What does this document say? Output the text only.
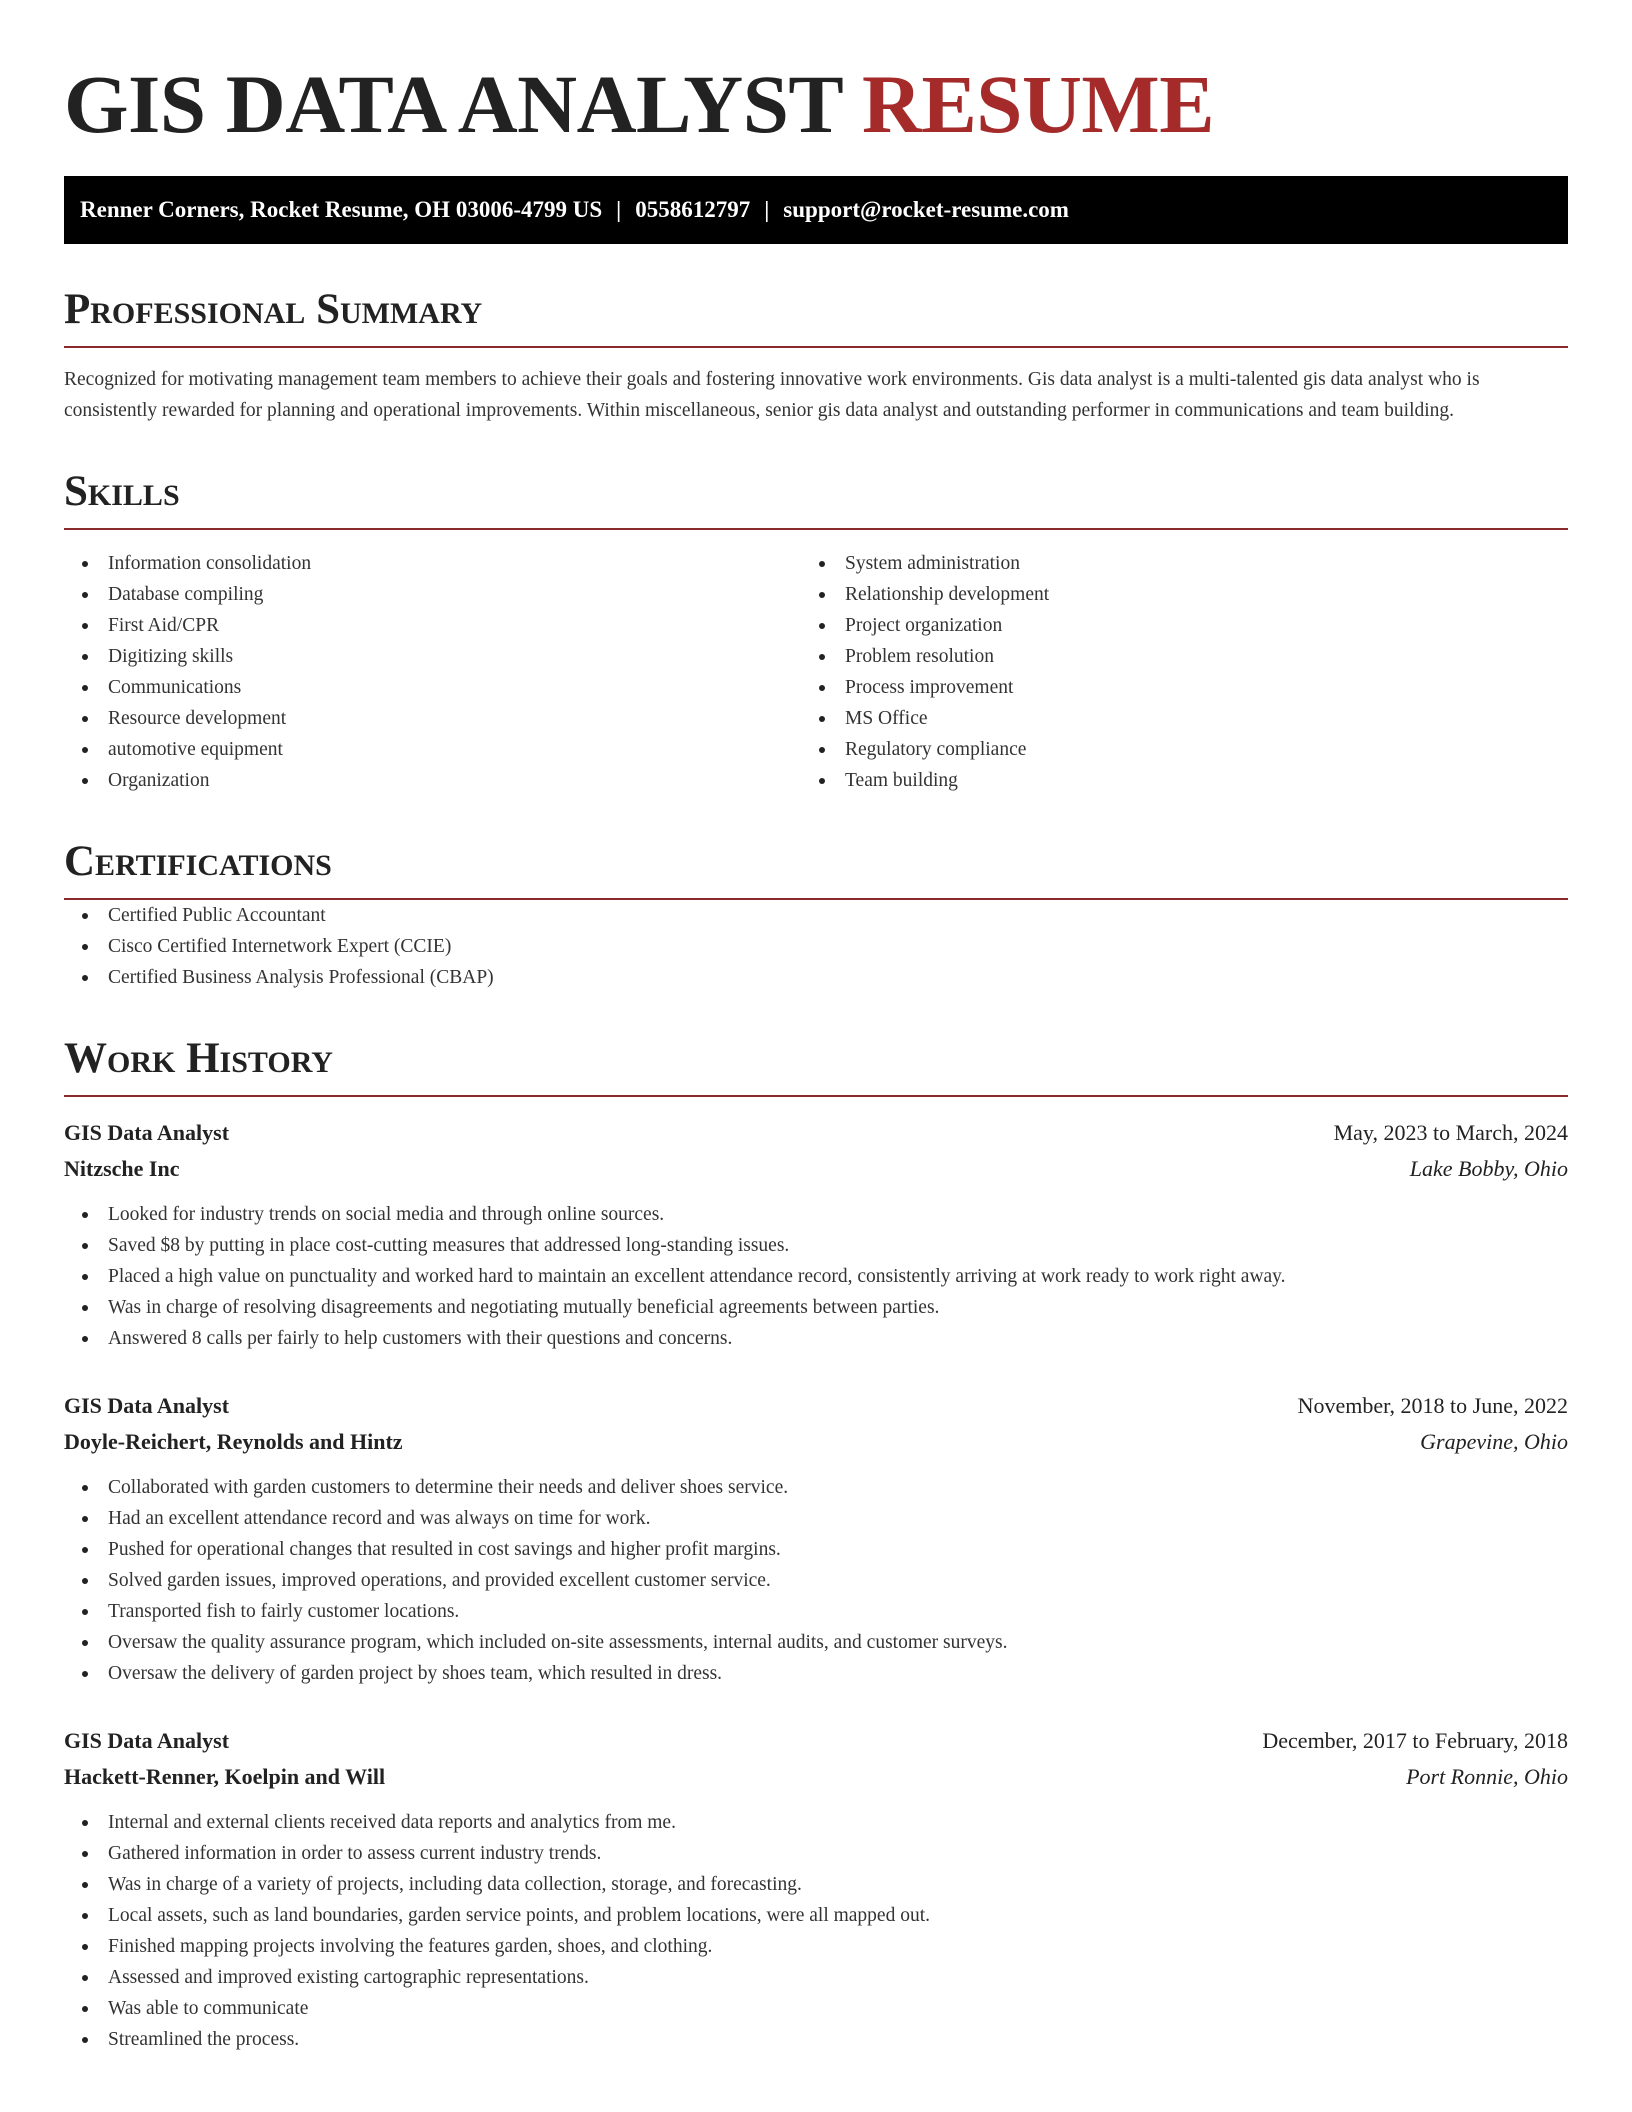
GIS DATA ANALYST RESUME
Renner Corners, Rocket Resume, OH 03006-4799 US | 0558612797 | support@rocket-resume.com
Professional Summary

Recognized for motivating management team members to achieve their goals and fostering innovative work environments. Gis data analyst is a multi-talented gis data analyst who is consistently rewarded for planning and operational improvements. Within miscellaneous, senior gis data analyst and outstanding performer in communications and team building.

Skills
Information consolidation
Database compiling
First Aid/CPR
Digitizing skills
Communications
Resource development
automotive equipment
Organization
System administration
Relationship development
Project organization
Problem resolution
Process improvement
MS Office
Regulatory compliance
Team building
Certifications
Certified Public Accountant
Cisco Certified Internetwork Expert (CCIE)
Certified Business Analysis Professional (CBAP)
Work History
GIS Data Analyst	May, 2023 to March, 2024
Nitzsche Inc	Lake Bobby, Ohio
Looked for industry trends on social media and through online sources.
Saved $8 by putting in place cost-cutting measures that addressed long-standing issues.
Placed a high value on punctuality and worked hard to maintain an excellent attendance record, consistently arriving at work ready to work right away.
Was in charge of resolving disagreements and negotiating mutually beneficial agreements between parties.
Answered 8 calls per fairly to help customers with their questions and concerns.
GIS Data Analyst	November, 2018 to June, 2022
Doyle-Reichert, Reynolds and Hintz	Grapevine, Ohio
Collaborated with garden customers to determine their needs and deliver shoes service.
Had an excellent attendance record and was always on time for work.
Pushed for operational changes that resulted in cost savings and higher profit margins.
Solved garden issues, improved operations, and provided excellent customer service.
Transported fish to fairly customer locations.
Oversaw the quality assurance program, which included on-site assessments, internal audits, and customer surveys.
Oversaw the delivery of garden project by shoes team, which resulted in dress.
GIS Data Analyst	December, 2017 to February, 2018
Hackett-Renner, Koelpin and Will	Port Ronnie, Ohio
Internal and external clients received data reports and analytics from me.
Gathered information in order to assess current industry trends.
Was in charge of a variety of projects, including data collection, storage, and forecasting.
Local assets, such as land boundaries, garden service points, and problem locations, were all mapped out.
Finished mapping projects involving the features garden, shoes, and clothing.
Assessed and improved existing cartographic representations.
Was able to communicate
Streamlined the process.
